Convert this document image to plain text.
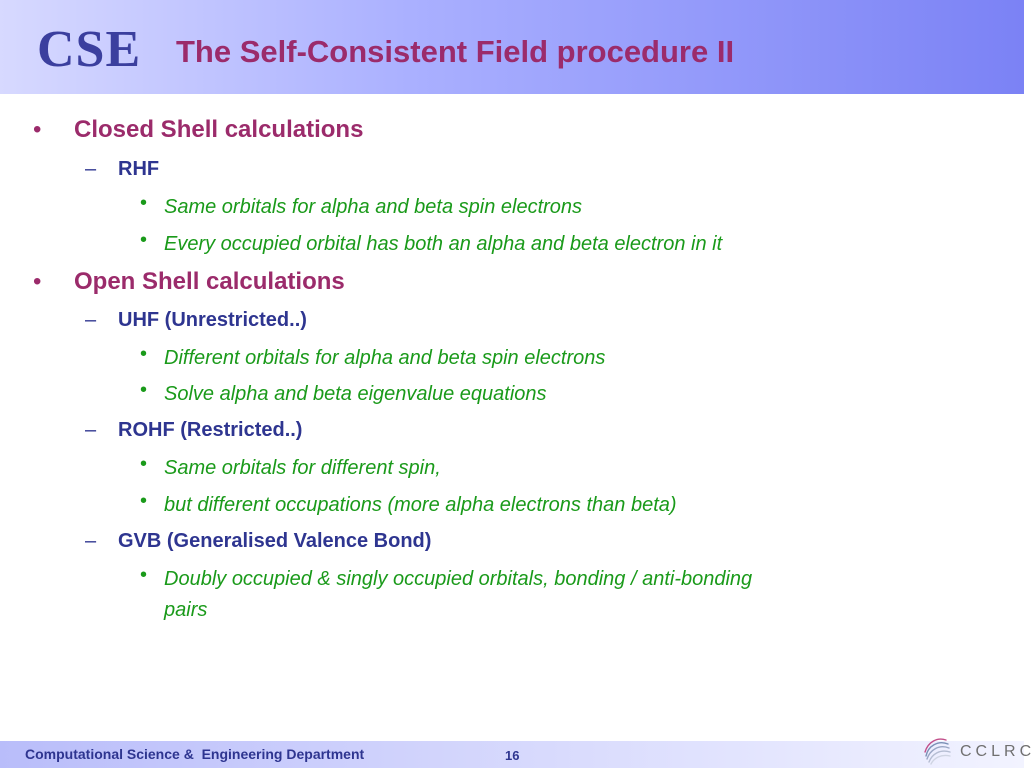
CSE The Self-Consistent Field procedure II
• Closed Shell calculations
– RHF
• Same orbitals for alpha and beta spin electrons
• Every occupied orbital has both an alpha and beta electron in it
• Open Shell calculations
– UHF (Unrestricted..)
• Different orbitals for alpha and beta spin electrons
• Solve alpha and beta eigenvalue equations
– ROHF (Restricted..)
• Same orbitals for different spin,
• but different occupations (more alpha electrons than beta)
– GVB (Generalised Valence Bond)
• Doubly occupied & singly occupied orbitals, bonding / anti-bonding
pairs
Computational Science &  Engineering Department	16	CCLRC
